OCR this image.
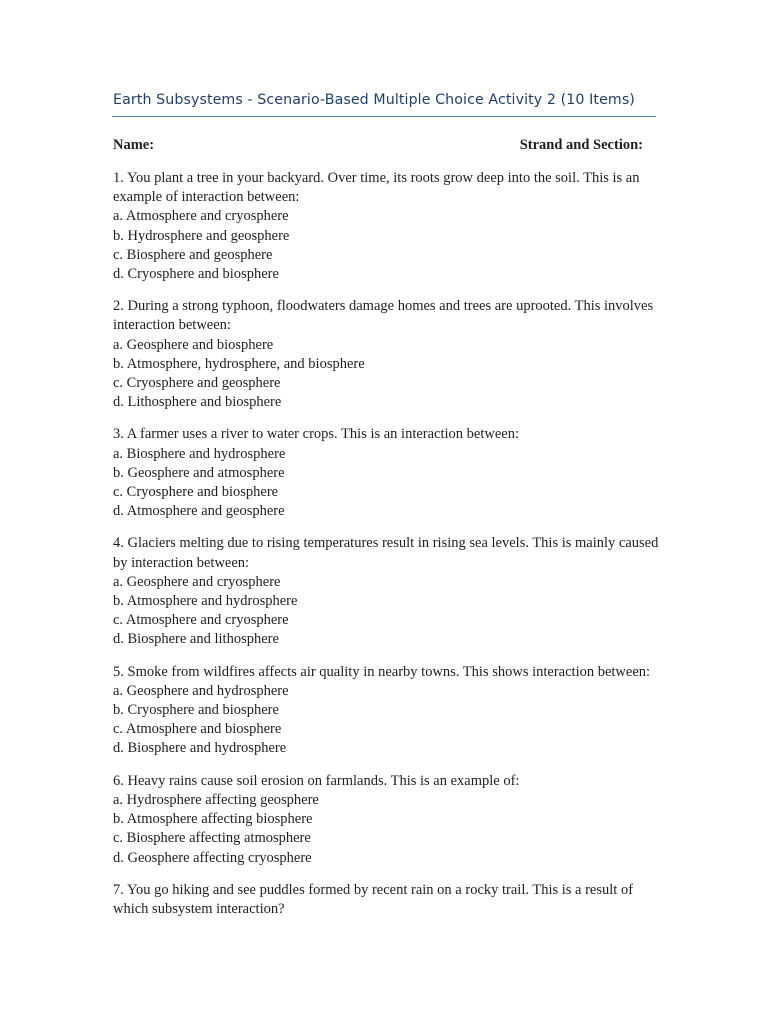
Earth Subsystems - Scenario-Based Multiple Choice Activity 2 (10 Items)
Name:	Strand and Section:

1. You plant a tree in your backyard. Over time, its roots grow deep into the soil. This is an example of interaction between:

a. Atmosphere and cryosphere

b. Hydrosphere and geosphere

c. Biosphere and geosphere

d. Cryosphere and biosphere

2. During a strong typhoon, floodwaters damage homes and trees are uprooted. This involves interaction between:

a. Geosphere and biosphere

b. Atmosphere, hydrosphere, and biosphere

c. Cryosphere and geosphere

d. Lithosphere and biosphere

3. A farmer uses a river to water crops. This is an interaction between:

a. Biosphere and hydrosphere

b. Geosphere and atmosphere

c. Cryosphere and biosphere

d. Atmosphere and geosphere

4. Glaciers melting due to rising temperatures result in rising sea levels. This is mainly caused by interaction between:

a. Geosphere and cryosphere

b. Atmosphere and hydrosphere

c. Atmosphere and cryosphere

d. Biosphere and lithosphere

5. Smoke from wildfires affects air quality in nearby towns. This shows interaction between:

a. Geosphere and hydrosphere

b. Cryosphere and biosphere

c. Atmosphere and biosphere

d. Biosphere and hydrosphere

6. Heavy rains cause soil erosion on farmlands. This is an example of:

a. Hydrosphere affecting geosphere

b. Atmosphere affecting biosphere

c. Biosphere affecting atmosphere

d. Geosphere affecting cryosphere

7. You go hiking and see puddles formed by recent rain on a rocky trail. This is a result of which subsystem interaction?
